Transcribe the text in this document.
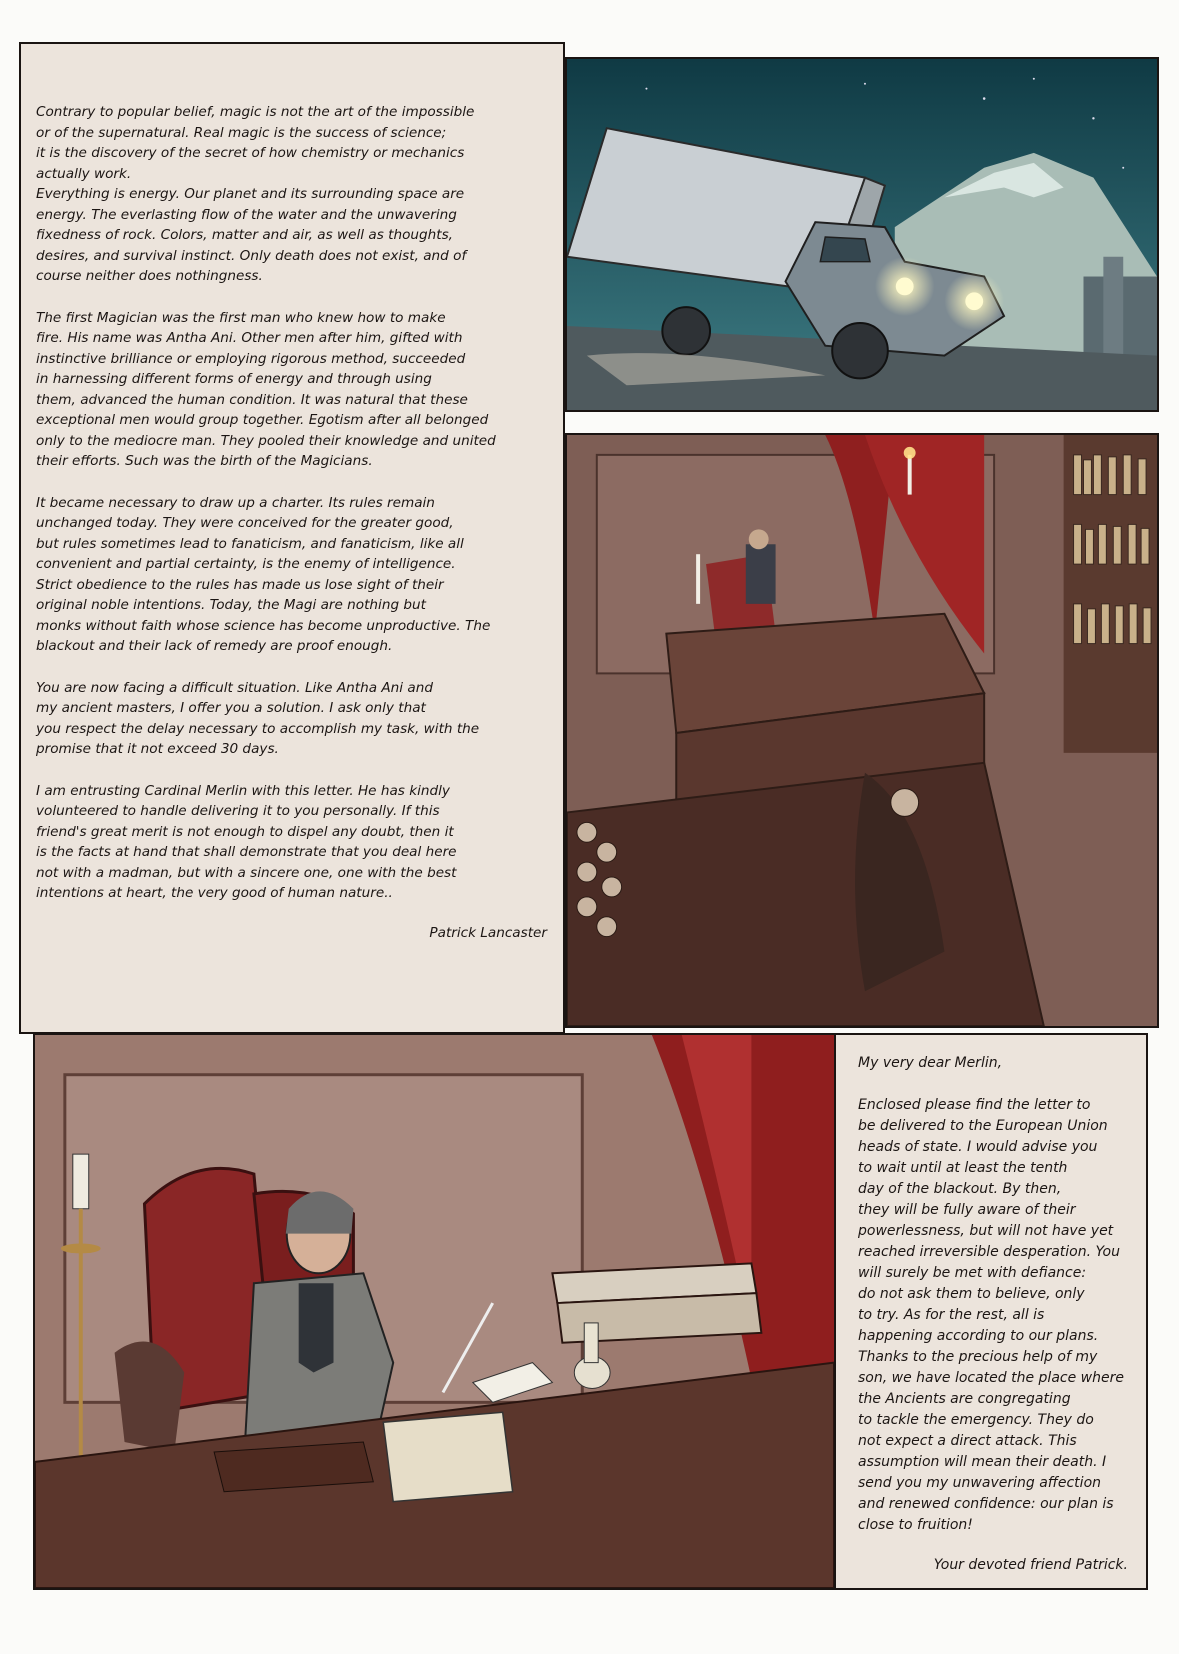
Contrary to popular belief, magic is not the art of the impossible
or of the supernatural. Real magic is the success of science;
it is the discovery of the secret of how chemistry or mechanics
actually work.
Everything is energy. Our planet and its surrounding space are
energy. The everlasting flow of the water and the unwavering
fixedness of rock. Colors, matter and air, as well as thoughts,
desires, and survival instinct. Only death does not exist, and of
course neither does nothingness.

The first Magician was the first man who knew how to make
fire. His name was Antha Ani. Other men after him, gifted with
instinctive brilliance or employing rigorous method, succeeded
in harnessing different forms of energy and through using
them, advanced the human condition. It was natural that these
exceptional men would group together. Egotism after all belonged
only to the mediocre man. They pooled their knowledge and united
their efforts. Such was the birth of the Magicians.

It became necessary to draw up a charter. Its rules remain
unchanged today. They were conceived for the greater good,
but rules sometimes lead to fanaticism, and fanaticism, like all
convenient and partial certainty, is the enemy of intelligence.
Strict obedience to the rules has made us lose sight of their
original noble intentions. Today, the Magi are nothing but
monks without faith whose science has become unproductive. The
blackout and their lack of remedy are proof enough.

You are now facing a difficult situation. Like Antha Ani and
my ancient masters, I offer you a solution. I ask only that
you respect the delay necessary to accomplish my task, with the
promise that it not exceed 30 days.

I am entrusting Cardinal Merlin with this letter. He has kindly
volunteered to handle delivering it to you personally. If this
friend's great merit is not enough to dispel any doubt, then it
is the facts at hand that shall demonstrate that you deal here
not with a madman, but with a sincere one, one with the best
intentions at heart, the very good of human nature..

Patrick Lancaster

My very dear Merlin,

Enclosed please find the letter to
be delivered to the European Union
heads of state. I would advise you
to wait until at least the tenth
day of the blackout. By then,
they will be fully aware of their
powerlessness, but will not have yet
reached irreversible desperation. You
will surely be met with defiance:
do not ask them to believe, only
to try. As for the rest, all is
happening according to our plans.
Thanks to the precious help of my
son, we have located the place where
the Ancients are congregating
to tackle the emergency. They do
not expect a direct attack. This
assumption will mean their death. I
send you my unwavering affection
and renewed confidence: our plan is
close to fruition!

Your devoted friend Patrick.
